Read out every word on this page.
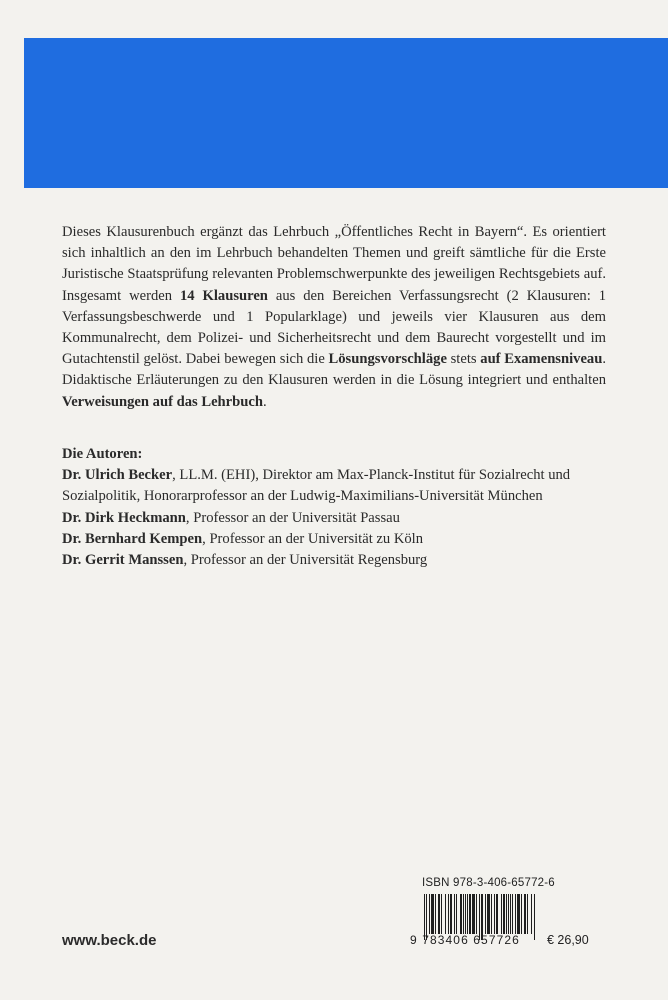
Dieses Klausurenbuch ergänzt das Lehrbuch „Öffentliches Recht in Bayern“. Es orientiert sich inhaltlich an den im Lehrbuch behandelten Themen und greift sämtliche für die Erste Juristische Staatsprüfung relevanten Problemschwerpunkte des jeweiligen Rechtsgebiets auf. Insgesamt werden 14 Klausuren aus den Bereichen Verfassungsrecht (2 Klausuren: 1 Verfassungsbeschwerde und 1 Popularklage) und jeweils vier Klausuren aus dem Kommunalrecht, dem Polizei- und Sicherheitsrecht und dem Baurecht vorgestellt und im Gutachtenstil gelöst. Dabei bewegen sich die Lösungsvorschläge stets auf Examensniveau. Didaktische Erläuterungen zu den Klausuren werden in die Lösung integriert und enthalten Verweisungen auf das Lehrbuch.

Die Autoren:
Dr. Ulrich Becker, LL.M. (EHI), Direktor am Max-Planck-Institut für Sozialrecht und Sozialpolitik, Honorarprofessor an der Ludwig-Maximilians-Universität München
Dr. Dirk Heckmann, Professor an der Universität Passau
Dr. Bernhard Kempen, Professor an der Universität zu Köln
Dr. Gerrit Manssen, Professor an der Universität Regensburg
www.beck.de
ISBN 978-3-406-65772-6
9 783406 657726	€ 26,90
